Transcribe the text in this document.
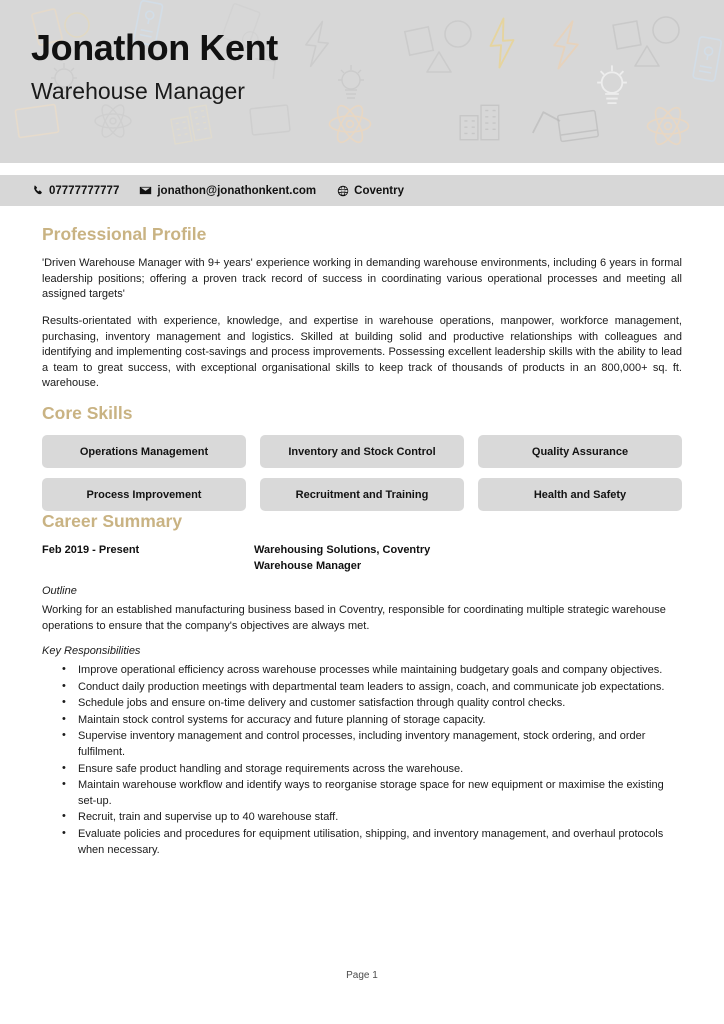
Jonathon Kent
Warehouse Manager
07777777777	jonathon@jonathonkent.com	Coventry
Professional Profile

'Driven Warehouse Manager with 9+ years' experience working in demanding warehouse environments, including 6 years in formal leadership positions; offering a proven track record of success in coordinating various operational processes and meeting all assigned targets'

Results-orientated with experience, knowledge, and expertise in warehouse operations, manpower, workforce management, purchasing, inventory management and logistics. Skilled at building solid and productive relationships with colleagues and identifying and implementing cost-savings and process improvements. Possessing excellent leadership skills with the ability to lead a team to great success, with exceptional organisational skills to keep track of thousands of products in an 800,000+ sq. ft. warehouse.

Core Skills
Operations Management	Inventory and Stock Control	Quality Assurance
Process Improvement	Recruitment and Training	Health and Safety
Career Summary
Feb 2019 - Present	Warehousing Solutions, Coventry
Warehouse Manager
Outline

Working for an established manufacturing business based in Coventry, responsible for coordinating multiple strategic warehouse operations to ensure that the company's objectives are always met.

Key Responsibilities
• Improve operational efficiency across warehouse processes while maintaining budgetary goals and company objectives.
• Conduct daily production meetings with departmental team leaders to assign, coach, and communicate job expectations.
• Schedule jobs and ensure on-time delivery and customer satisfaction through quality control checks.
• Maintain stock control systems for accuracy and future planning of storage capacity.
• Supervise inventory management and control processes, including inventory management, stock ordering, and order fulfilment.
• Ensure safe product handling and storage requirements across the warehouse.
• Maintain warehouse workflow and identify ways to reorganise storage space for new equipment or maximise the existing set-up.
• Recruit, train and supervise up to 40 warehouse staff.
• Evaluate policies and procedures for equipment utilisation, shipping, and inventory management, and overhaul protocols when necessary.
Page 1
